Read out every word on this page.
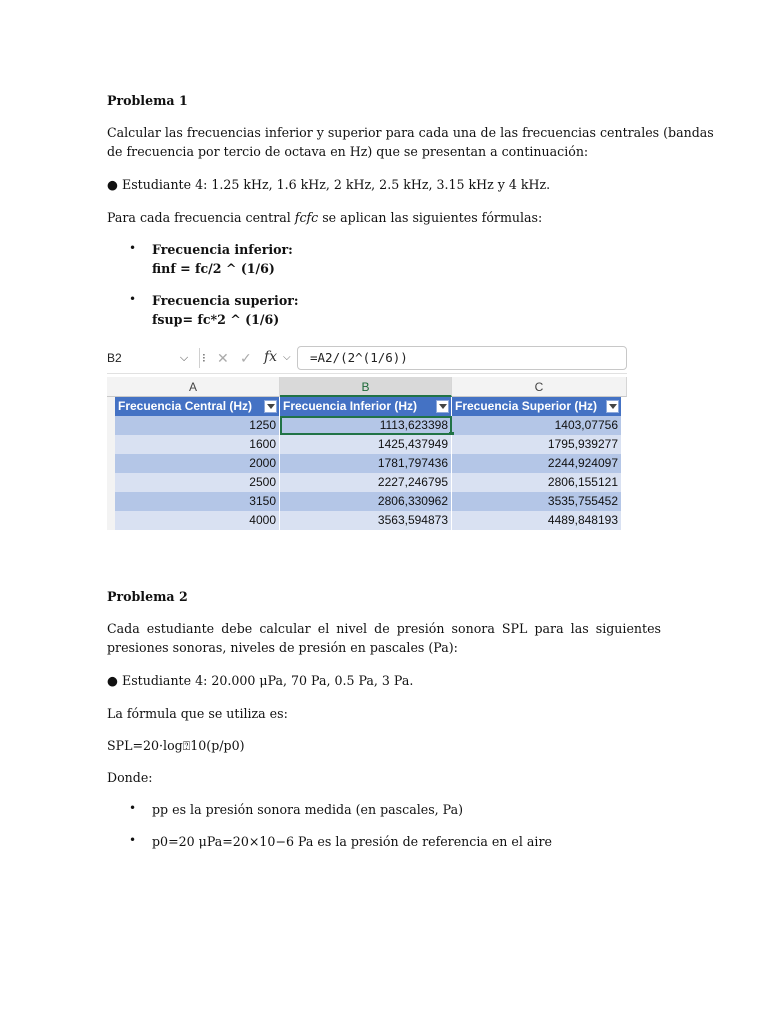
Problema 1
Calcular las frecuencias inferior y superior para cada una de las frecuencias centrales (bandas
de frecuencia por tercio de octava en Hz) que se presentan a continuación:
● Estudiante 4: 1.25 kHz, 1.6 kHz, 2 kHz, 2.5 kHz, 3.15 kHz y 4 kHz.
Para cada frecuencia central fcfc se aplican las siguientes fórmulas:
• Frecuencia inferior:
finf = fc/2 ^ (1/6)
• Frecuencia superior:
fsup= fc*2 ^ (1/6)
B2	⌵ ⁝ ✕ ✓ fx ⌵ =A2/(2^(1/6))
A	B	C
Frecuencia Central (Hz)	Frecuencia Inferior (Hz)	Frecuencia Superior (Hz)
1250	1113,623398	1403,07756
1600	1425,437949	1795,939277
2000	1781,797436	2244,924097
2500	2227,246795	2806,155121
3150	2806,330962	3535,755452
4000	3563,594873	4489,848193
Problema 2
Cada estudiante debe calcular el nivel de presión sonora SPL para las siguientes presiones sonoras, niveles de presión en pascales (Pa):
● Estudiante 4: 20.000 μPa, 70 Pa, 0.5 Pa, 3 Pa.
La fórmula que se utiliza es:
SPL=20·log⍰10(p/p0)
Donde:
• pp es la presión sonora medida (en pascales, Pa)
• p0=20 μPa=20×10−6 Pa es la presión de referencia en el aire
